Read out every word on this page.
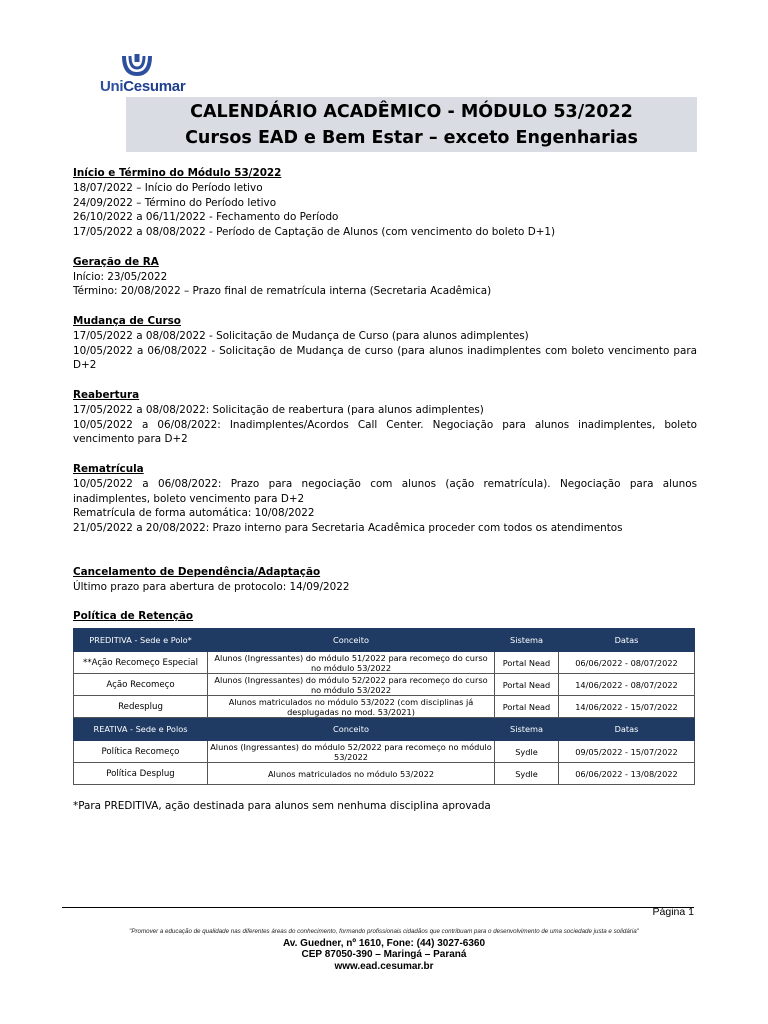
UniCesumar
CALENDÁRIO ACADÊMICO - MÓDULO 53/2022
Cursos EAD e Bem Estar – exceto Engenharias

Início e Término do Módulo 53/2022

18/07/2022 – Início do Período letivo

24/09/2022 – Término do Período letivo

26/10/2022 a 06/11/2022 - Fechamento do Período

17/05/2022 a 08/08/2022 - Período de Captação de Alunos (com vencimento do boleto D+1)

Geração de RA

Início: 23/05/2022

Término: 20/08/2022 – Prazo final de rematrícula interna (Secretaria Acadêmica)

Mudança de Curso

17/05/2022 a 08/08/2022 - Solicitação de Mudança de Curso (para alunos adimplentes)

10/05/2022 a 06/08/2022 - Solicitação de Mudança de curso (para alunos inadimplentes com boleto vencimento para D+2

Reabertura

17/05/2022 a 08/08/2022: Solicitação de reabertura (para alunos adimplentes)

10/05/2022 a 06/08/2022: Inadimplentes/Acordos Call Center. Negociação para alunos inadimplentes, boleto vencimento para D+2

Rematrícula

10/05/2022 a 06/08/2022: Prazo para negociação com alunos (ação rematrícula). Negociação para alunos inadimplentes, boleto vencimento para D+2

Rematrícula de forma automática: 10/08/2022

21/05/2022 a 20/08/2022: Prazo interno para Secretaria Acadêmica proceder com todos os atendimentos

Cancelamento de Dependência/Adaptação

Último prazo para abertura de protocolo: 14/09/2022

Política de Retenção

PREDITIVA - Sede e Polo*	Conceito	Sistema	Datas
**Ação Recomeço Especial	Alunos (Ingressantes) do módulo 51/2022 para recomeço do curso no módulo 53/2022	Portal Nead	06/06/2022 - 08/07/2022
Ação Recomeço	Alunos (Ingressantes) do módulo 52/2022 para recomeço do curso no módulo 53/2022	Portal Nead	14/06/2022 - 08/07/2022
Redesplug	Alunos matriculados no módulo 53/2022 (com disciplinas já desplugadas no mod. 53/2021)	Portal Nead	14/06/2022 - 15/07/2022
REATIVA - Sede e Polos	Conceito	Sistema	Datas
Política Recomeço	Alunos (Ingressantes) do módulo 52/2022 para recomeço no módulo 53/2022	Sydle	09/05/2022 - 15/07/2022
Política Desplug	Alunos matriculados no módulo 53/2022	Sydle	06/06/2022 - 13/08/2022
*Para PREDITIVA, ação destinada para alunos sem nenhuma disciplina aprovada
Página 1
"Promover a educação de qualidade nas diferentes áreas do conhecimento, formando profissionais cidadãos que contribuam para o desenvolvimento de uma sociedade justa e solidária"
Av. Guedner, nº 1610, Fone: (44) 3027-6360
CEP 87050-390 – Maringá – Paraná
www.ead.cesumar.br
